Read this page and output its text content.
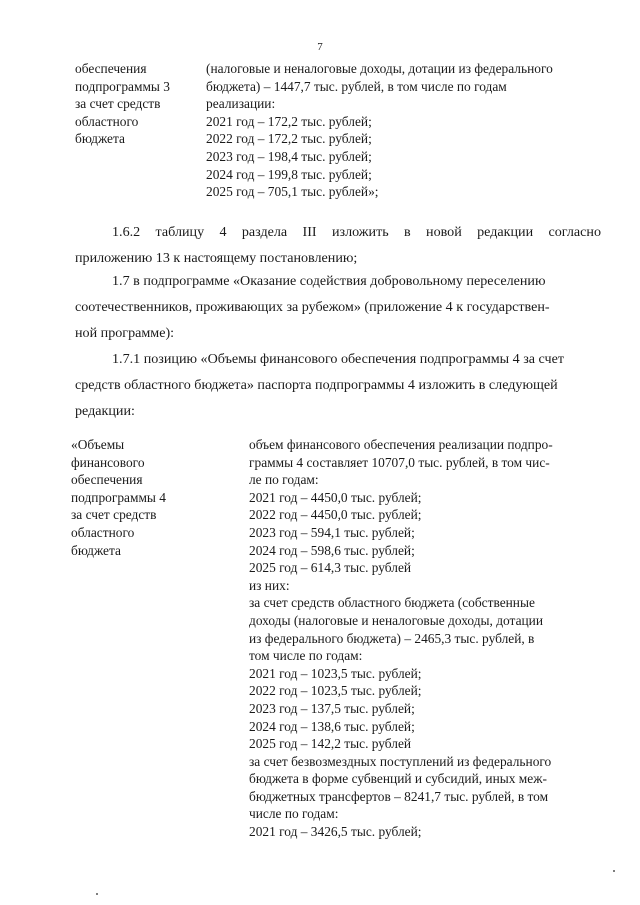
7
обеспечения
подпрограммы 3
за счет средств
областного
бюджета
(налоговые и неналоговые доходы, дотации из федерального
бюджета) – 1447,7 тыс. рублей, в том числе по годам
реализации:
2021 год – 172,2 тыс. рублей;
2022 год – 172,2 тыс. рублей;
2023 год – 198,4 тыс. рублей;
2024 год – 199,8 тыс. рублей;
2025 год – 705,1 тыс. рублей»;
1.6.2 таблицу 4 раздела III изложить в новой редакции согласно
приложению 13 к настоящему постановлению;
1.7 в подпрограмме «Оказание содействия добровольному переселению
соотечественников, проживающих за рубежом» (приложение 4 к государствен-
ной программе):
1.7.1 позицию «Объемы финансового обеспечения подпрограммы 4 за счет
средств областного бюджета» паспорта подпрограммы 4 изложить в следующей
редакции:
«Объемы
финансового
обеспечения
подпрограммы 4
за счет средств
областного
бюджета
объем финансового обеспечения реализации подпро-
граммы 4 составляет 10707,0 тыс. рублей, в том чис-
ле по годам:
2021 год – 4450,0 тыс. рублей;
2022 год – 4450,0 тыс. рублей;
2023 год – 594,1 тыс. рублей;
2024 год – 598,6 тыс. рублей;
2025 год – 614,3 тыс. рублей
из них:
за счет средств областного бюджета (собственные
доходы (налоговые и неналоговые доходы, дотации
из федерального бюджета) – 2465,3 тыс. рублей, в
том числе по годам:
2021 год – 1023,5 тыс. рублей;
2022 год – 1023,5 тыс. рублей;
2023 год – 137,5 тыс. рублей;
2024 год – 138,6 тыс. рублей;
2025 год – 142,2 тыс. рублей
за счет безвозмездных поступлений из федерального
бюджета в форме субвенций и субсидий, иных меж-
бюджетных трансфертов – 8241,7 тыс. рублей, в том
числе по годам:
2021 год – 3426,5 тыс. рублей;
